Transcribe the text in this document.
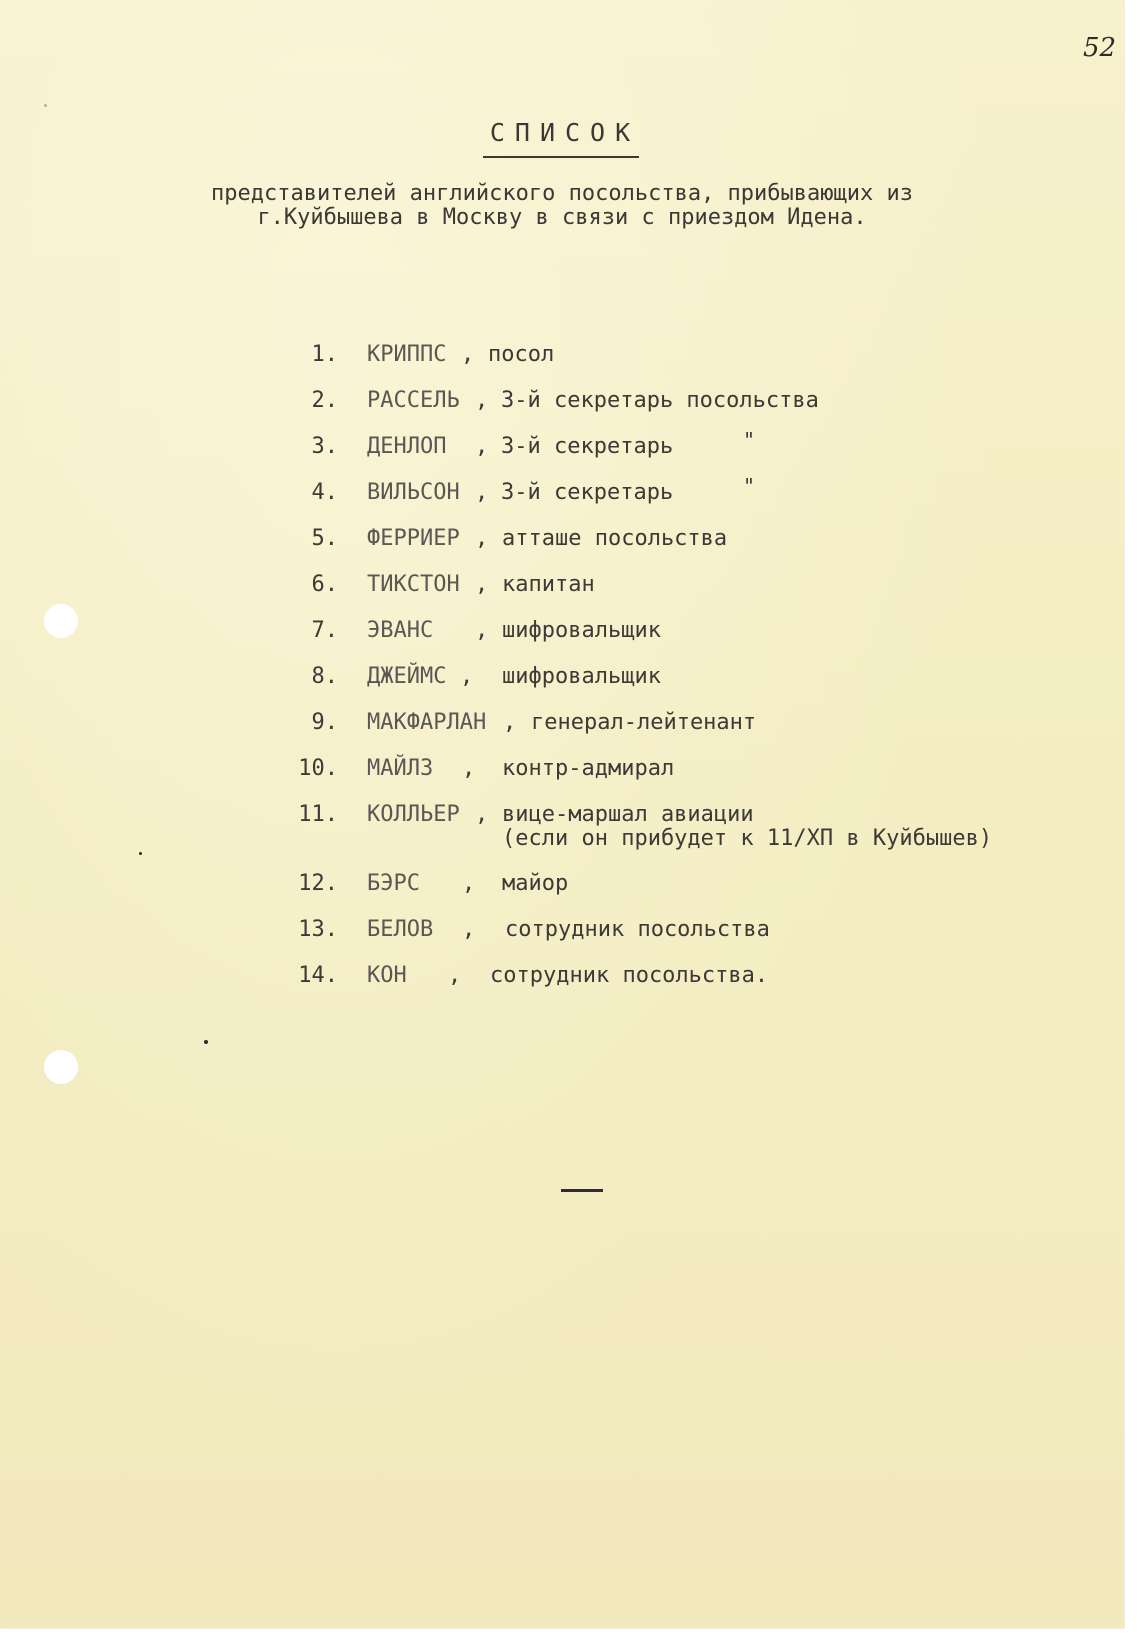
52
СПИСОК
представителей английского посольства, прибывающих из
г.Куйбышева в Москву в связи с приездом Идена.
1. КРИППС , посол
2. РАССЕЛЬ , 3-й секретарь посольства
3. ДЕНЛОП , 3-й секретарь	"
4. ВИЛЬСОН , 3-й секретарь	"
5. ФЕРРИЕР , атташе посольства
6. ТИКСТОН , капитан
7. ЭВАНС , шифровальщик
8. ДЖЕЙМС , шифровальщик
9. МАКФАРЛАН , генерал-лейтенант
10. МАЙЛЗ , контр-адмирал
11. КОЛЛЬЕР , вице-маршал авиации
(если он прибудет к 11/ХП в Куйбышев)
12. БЭРС , майор
13. БЕЛОВ , сотрудник посольства
14. КОН , сотрудник посольства.
